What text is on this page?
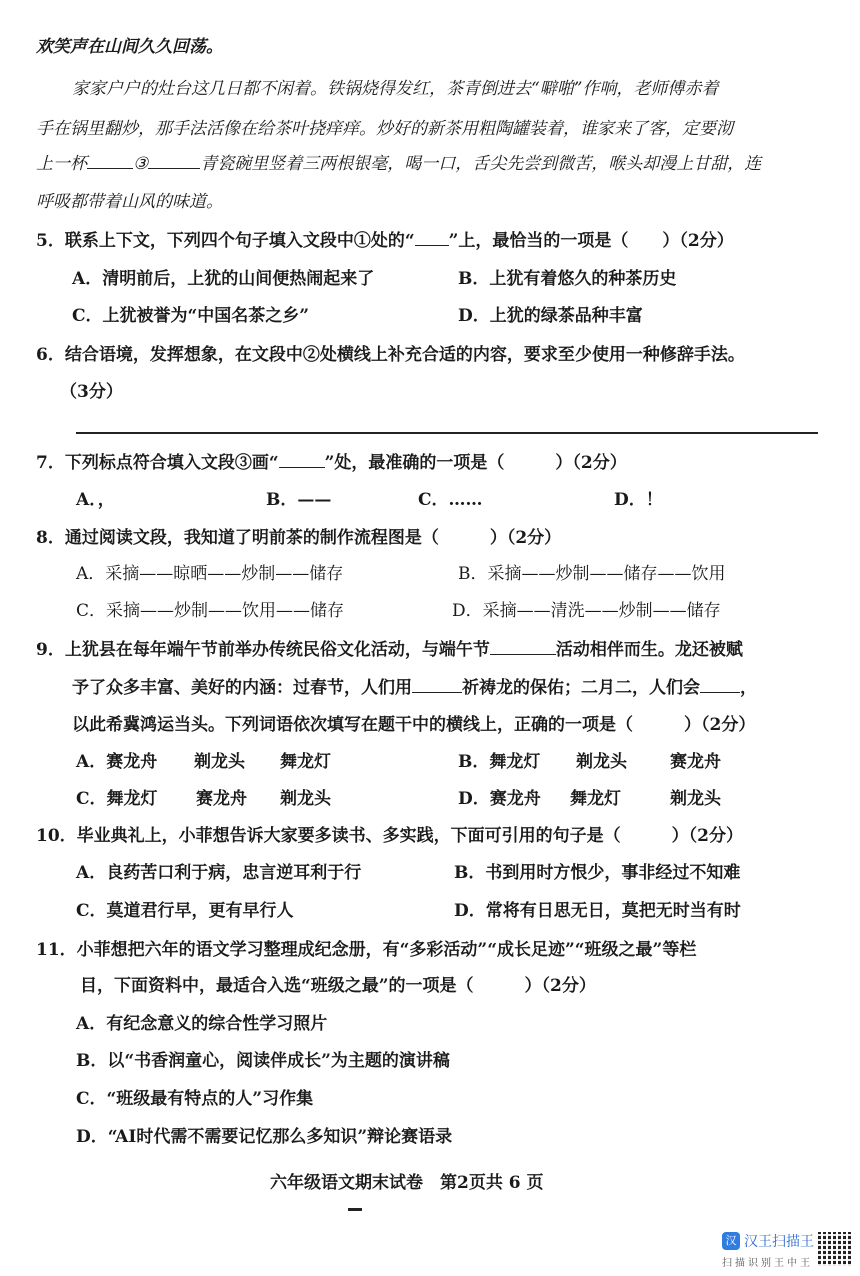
欢笑声在山间久久回荡。
家家户户的灶台这几日都不闲着。铁锅烧得发红，茶青倒进去“噼啪”作响，老师傅赤着
手在锅里翻炒，那手法活像在给茶叶挠痒痒。炒好的新茶用粗陶罐装着，谁家来了客，定要沏
上一杯	③	青瓷碗里竖着三两根银毫，喝一口，舌尖先尝到微苦，喉头却漫上甘甜，连
呼吸都带着山风的味道。
5．联系上下文，下列四个句子填入文段中①处的“ ”上，最恰当的一项是（　　）（2分）
A．清明前后，上犹的山间便热闹起来了	B．上犹有着悠久的种茶历史
C．上犹被誉为“中国名茶之乡”	D．上犹的绿茶品种丰富
6．结合语境，发挥想象，在文段中②处横线上补充合适的内容，要求至少使用一种修辞手法。
（3分）
7．下列标点符合填入文段③画“	”处，最准确的一项是（　　　）（2分）
A．，	B．——	C．……	D．！
8．通过阅读文段，我知道了明前茶的制作流程图是（　　　）（2分）
A．采摘——晾晒——炒制——储存	B．采摘——炒制——储存——饮用
C．采摘——炒制——饮用——储存	D．采摘——清洗——炒制——储存
9．上犹县在每年端午节前举办传统民俗文化活动，与端午节	活动相伴而生。龙还被赋
予了众多丰富、美好的内涵：过春节，人们用	祈祷龙的保佑；二月二，人们会 ，
以此希冀鸿运当头。下列词语依次填写在题干中的横线上，正确的一项是（　　　）（2分）
A．赛龙舟 剃龙头 舞龙灯	B．舞龙灯 剃龙头	赛龙舟
C．舞龙灯 赛龙舟 剃龙头	D．赛龙舟 舞龙灯	剃龙头
10．毕业典礼上，小菲想告诉大家要多读书、多实践，下面可引用的句子是（　　　）（2分）
A．良药苦口利于病，忠言逆耳利于行	B．书到用时方恨少，事非经过不知难
C．莫道君行早，更有早行人	D．常将有日思无日，莫把无时当有时
11．小菲想把六年的语文学习整理成纪念册，有“多彩活动”“成长足迹”“班级之最”等栏
目，下面资料中，最适合入选“班级之最”的一项是（　　　）（2分）
A．有纪念意义的综合性学习照片
B．以“书香润童心，阅读伴成长”为主题的演讲稿
C．“班级最有特点的人”习作集
D．“AI时代需不需要记忆那么多知识”辩论赛语录
六年级语文期末试卷　第2页共 6 页
汉 汉王扫描王
扫描识别王中王
